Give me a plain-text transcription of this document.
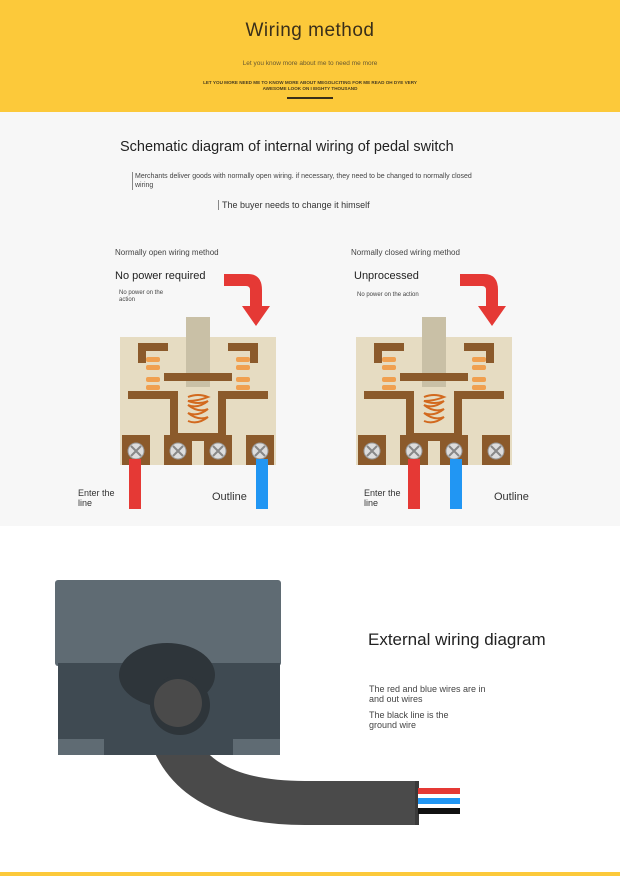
Wiring method
Let you know more about me to need me more
LET YOU MORE NEED ME TO KNOW MORE ABOUT MEGOLICITING FOR ME READ OH DYE VERY AWESOME LOOK ON I EIGHTY THOUSAND
Schematic diagram of internal wiring of pedal switch
Merchants deliver goods with normally open wiring. if necessary, they need to be changed to normally closed wiring
The buyer needs to change it himself
Normally open wiring method
No power required
No power on the action
Enter the line	Outline
Normally closed wiring method
Unprocessed
No power on the action
Enter the line	Outline
External wiring diagram
The red and blue wires are in and out wires
The black line is the ground wire
